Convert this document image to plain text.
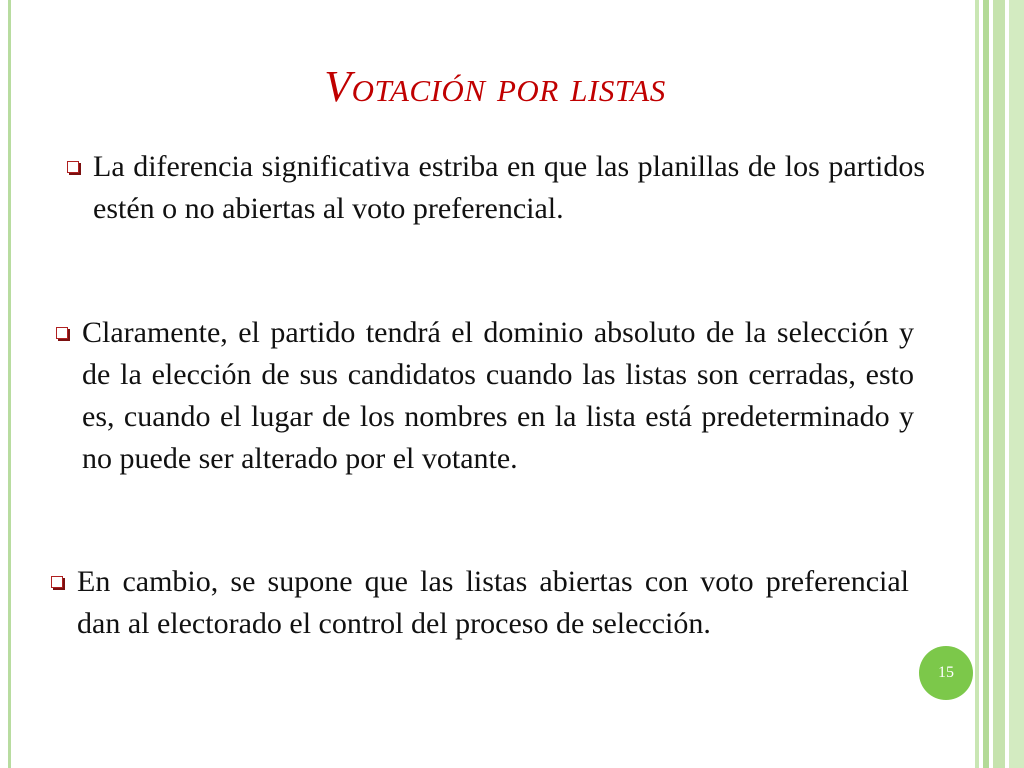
Votación por listas
La diferencia significativa estriba en que las planillas de los partidos estén o no abiertas al voto preferencial.
Claramente, el partido tendrá el dominio absoluto de la selección y de la elección de sus candidatos cuando las listas son cerradas, esto es, cuando el lugar de los nombres en la lista está predeterminado y no puede ser alterado por el votante.
En cambio, se supone que las listas abiertas con voto preferencial dan al electorado el control del proceso de selección.
15
